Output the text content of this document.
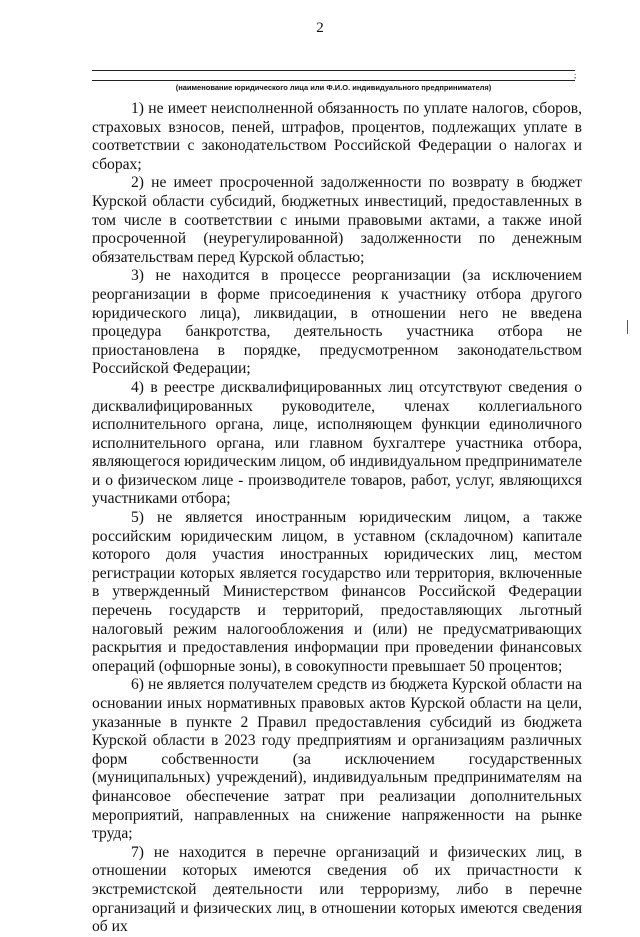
2
;
(наименование юридического лица или Ф.И.О. индивидуального предпринимателя)

1) не имеет неисполненной обязанность по уплате налогов, сборов, страховых взносов, пеней, штрафов, процентов, подлежащих уплате в соответствии с законодательством Российской Федерации о налогах и сборах;

2) не имеет просроченной задолженности по возврату в бюджет Курской области субсидий, бюджетных инвестиций, предоставленных в том числе в соответствии с иными правовыми актами, а также иной просроченной (неурегулированной) задолженности по денежным обязательствам перед Курской областью;

3) не находится в процессе реорганизации (за исключением реорганизации в форме присоединения к участнику отбора другого юридического лица), ликвидации, в отношении него не введена процедура банкротства, деятельность участника отбора не приостановлена в порядке, предусмотренном законодательством Российской Федерации;

4) в реестре дисквалифицированных лиц отсутствуют сведения о дисквалифицированных руководителе, членах коллегиального исполнительного органа, лице, исполняющем функции единоличного исполнительного органа, или главном бухгалтере участника отбора, являющегося юридическим лицом, об индивидуальном предпринимателе и о физическом лице - производителе товаров, работ, услуг, являющихся участниками отбора;

5) не является иностранным юридическим лицом, а также российским юридическим лицом, в уставном (складочном) капитале которого доля участия иностранных юридических лиц, местом регистрации которых является государство или территория, включенные в утвержденный Министерством финансов Российской Федерации перечень государств и территорий, предоставляющих льготный налоговый режим налогообложения и (или) не предусматривающих раскрытия и предоставления информации при проведении финансовых операций (офшорные зоны), в совокупности превышает 50 процентов;

6) не является получателем средств из бюджета Курской области на основании иных нормативных правовых актов Курской области на цели, указанные в пункте 2 Правил предоставления субсидий из бюджета Курской области в 2023 году предприятиям и организациям различных форм собственности (за исключением государственных (муниципальных) учреждений), индивидуальным предпринимателям на финансовое обеспечение затрат при реализации дополнительных мероприятий, направленных на снижение напряженности на рынке труда;

7) не находится в перечне организаций и физических лиц, в отношении которых имеются сведения об их причастности к экстремистской деятельности или терроризму, либо в перечне организаций и физических лиц, в отношении которых имеются сведения об их
